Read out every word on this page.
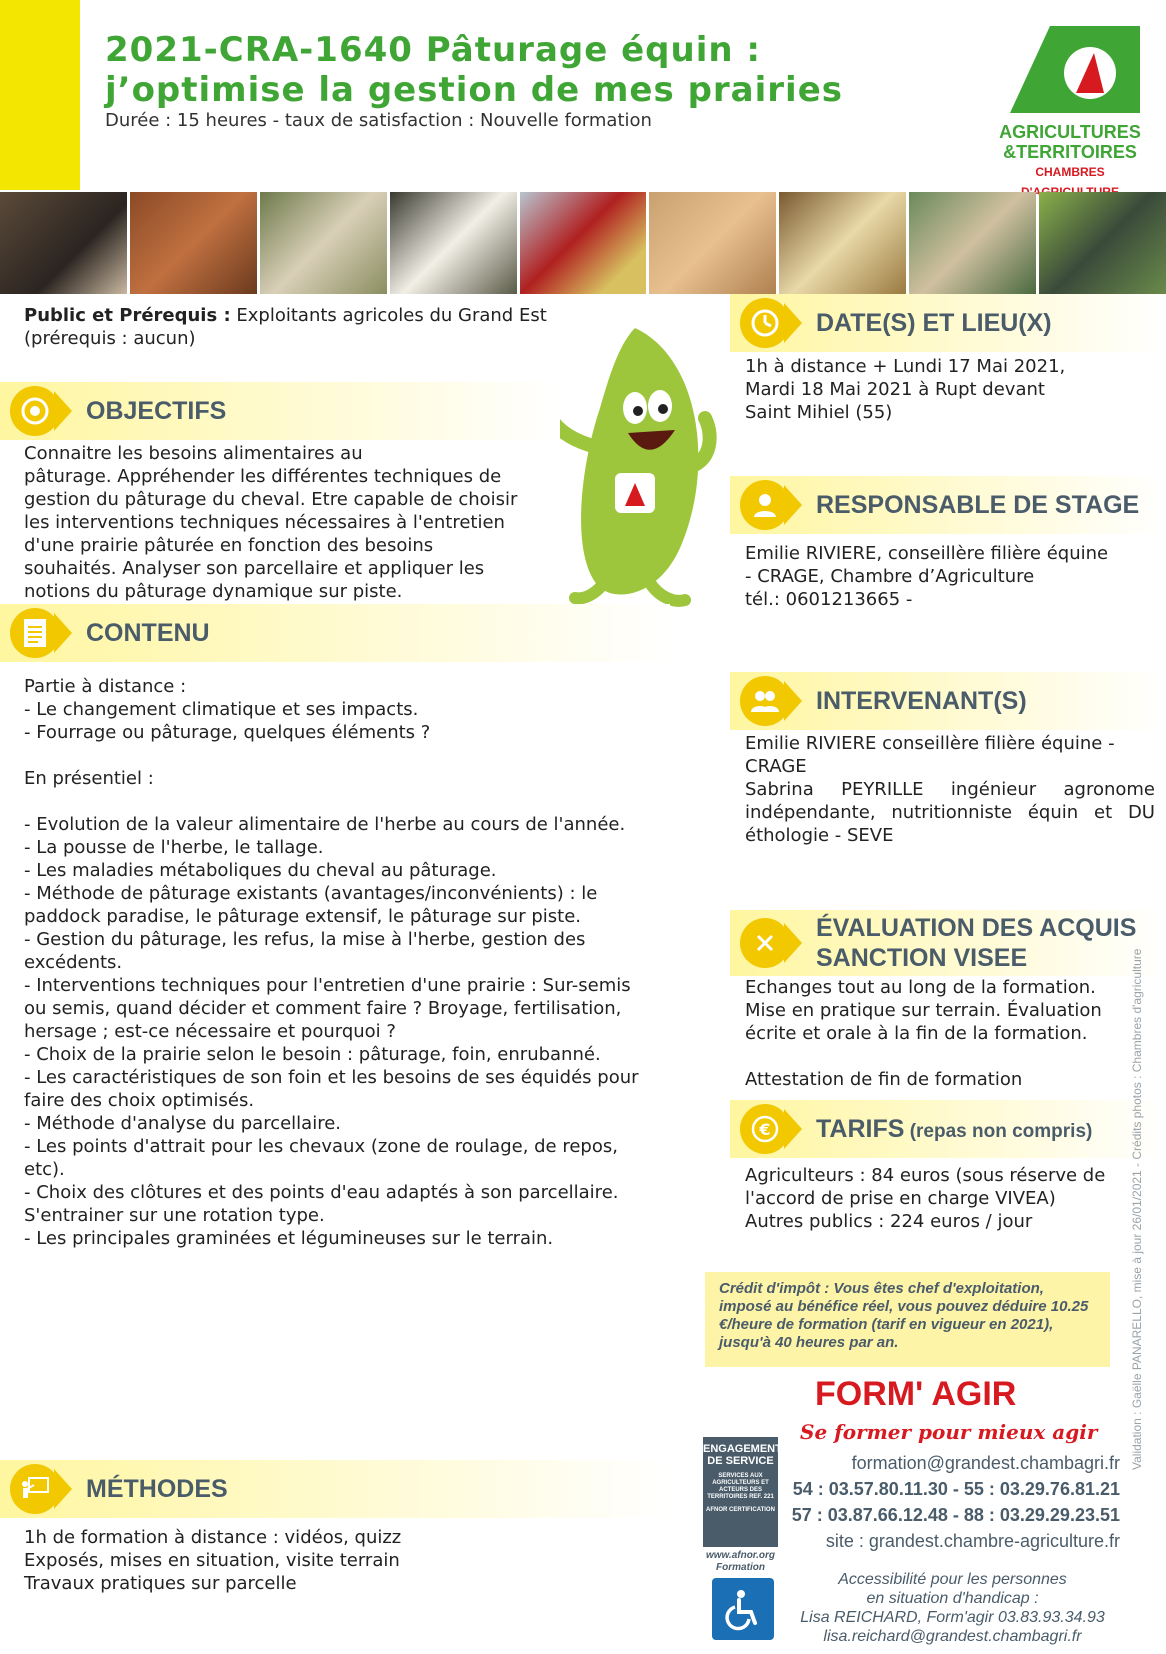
2021-CRA-1640 Pâturage équin :
j’optimise la gestion de mes prairies
Durée : 15 heures - taux de satisfaction : Nouvelle formation
AGRICULTURES
&TERRITOIRES
CHAMBRES
Public et Prérequis : Exploitants agricoles du Grand Est
(prérequis : aucun)
OBJECTIFS
Connaitre les besoins alimentaires au
pâturage. Appréhender les différentes techniques de
gestion du pâturage du cheval. Etre capable de choisir
les interventions techniques nécessaires à l'entretien
d'une prairie pâturée en fonction des besoins
souhaités. Analyser son parcellaire et appliquer les
notions du pâturage dynamique sur piste.
CONTENU
Partie à distance :
- Le changement climatique et ses impacts.
- Fourrage ou pâturage, quelques éléments ?
En présentiel :
- Evolution de la valeur alimentaire de l'herbe au cours de l'année.
- La pousse de l'herbe, le tallage.
- Les maladies métaboliques du cheval au pâturage.
- Méthode de pâturage existants (avantages/inconvénients) : le
paddock paradise, le pâturage extensif, le pâturage sur piste.
- Gestion du pâturage, les refus, la mise à l'herbe, gestion des
excédents.
- Interventions techniques pour l'entretien d'une prairie : Sur-semis
ou semis, quand décider et comment faire ? Broyage, fertilisation,
hersage ; est-ce nécessaire et pourquoi ?
- Choix de la prairie selon le besoin : pâturage, foin, enrubanné.
- Les caractéristiques de son foin et les besoins de ses équidés pour
faire des choix optimisés.
- Méthode d'analyse du parcellaire.
- Les points d'attrait pour les chevaux (zone de roulage, de repos,
etc).
- Choix des clôtures et des points d'eau adaptés à son parcellaire.
S'entrainer sur une rotation type.
- Les principales graminées et légumineuses sur le terrain.
MÉTHODES
1h de formation à distance : vidéos, quizz
Exposés, mises en situation, visite terrain
Travaux pratiques sur parcelle
DATE(S) ET LIEU(X)
1h à distance + Lundi 17 Mai 2021,
Mardi 18 Mai 2021 à Rupt devant
Saint Mihiel (55)
RESPONSABLE DE STAGE
Emilie RIVIERE, conseillère filière équine
- CRAGE, Chambre d’Agriculture
tél.: 0601213665 -
INTERVENANT(S)
Emilie RIVIERE conseillère filière équine -
CRAGE
Sabrina PEYRILLE ingénieur agronome
indépendante, nutritionniste équin et DU
éthologie - SEVE
ÉVALUATION DES ACQUIS
SANCTION VISEE
Echanges tout au long de la formation.
Mise en pratique sur terrain. Évaluation
écrite et orale à la fin de la formation.
Attestation de fin de formation
€ TARIFS (repas non compris)
Agriculteurs : 84 euros (sous réserve de
l'accord de prise en charge VIVEA)
Autres publics : 224 euros / jour
Crédit d'impôt : Vous êtes chef d'exploitation, imposé au bénéfice réel, vous pouvez déduire 10.25 €/heure de formation (tarif en vigueur en 2021), jusqu'à 40 heures par an.
FORM' AGIR
Se former pour mieux agir
ENGAGEMENT
DE SERVICE
SERVICES AUX AGRICULTEURS ET ACTEURS DES TERRITOIRES REF. 221
AFNOR CERTIFICATION
www.afnor.org
Formation
formation@grandest.chambagri.fr
54 : 03.57.80.11.30 - 55 : 03.29.76.81.21
57 : 03.87.66.12.48 - 88 : 03.29.29.23.51
site : grandest.chambre-agriculture.fr
Accessibilité pour les personnes
en situation d'handicap :
Lisa REICHARD, Form'agir 03.83.93.34.93
lisa.reichard@grandest.chambagri.fr
Validation : Gaëlle PANARELLO, mise à jour 26/01/2021 - Crédits photos : Chambres d'agriculture
